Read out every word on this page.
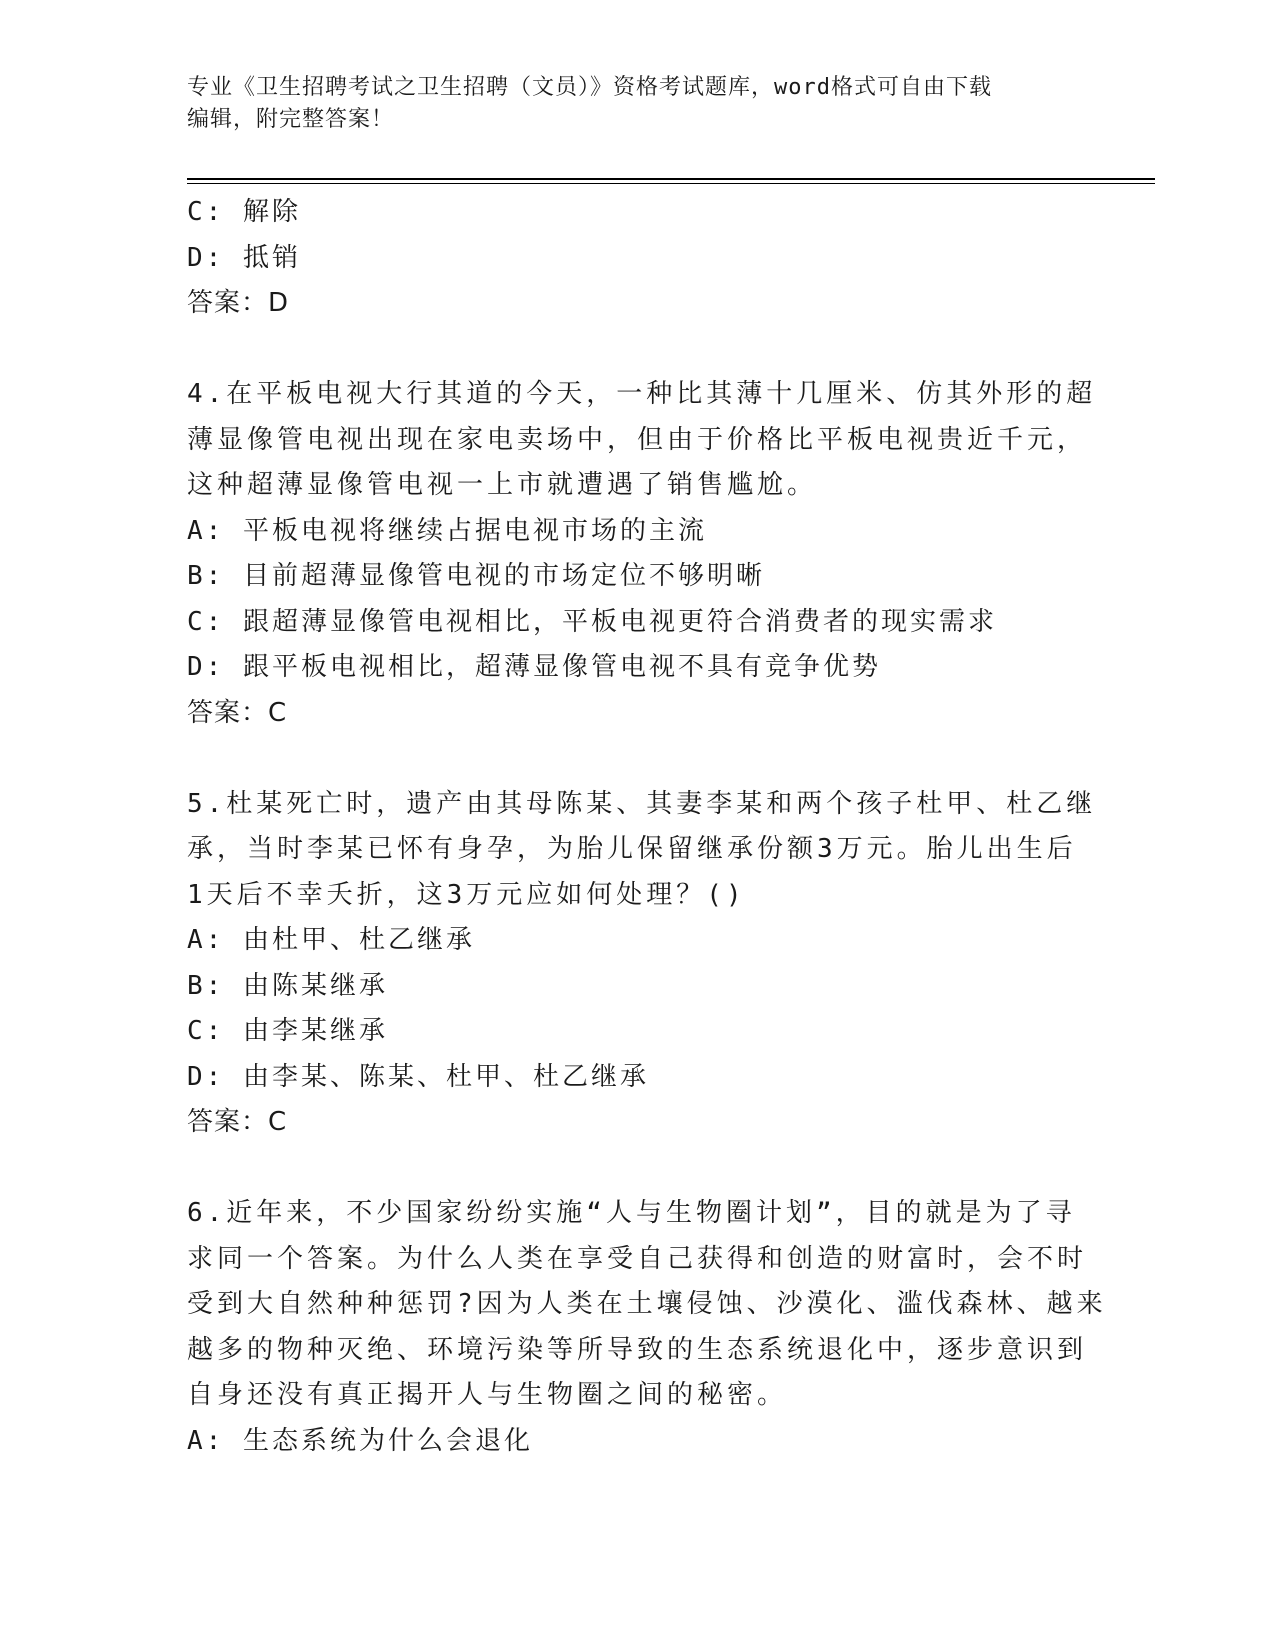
专业《卫生招聘考试之卫生招聘（文员）》资格考试题库，word格式可自由下载
编辑，附完整答案！
C: 解除
D: 抵销
答案：D
4.在平板电视大行其道的今天，一种比其薄十几厘米、仿其外形的超
薄显像管电视出现在家电卖场中，但由于价格比平板电视贵近千元，
这种超薄显像管电视一上市就遭遇了销售尴尬。
A: 平板电视将继续占据电视市场的主流
B: 目前超薄显像管电视的市场定位不够明晰
C: 跟超薄显像管电视相比，平板电视更符合消费者的现实需求
D: 跟平板电视相比，超薄显像管电视不具有竞争优势
答案：C
5.杜某死亡时，遗产由其母陈某、其妻李某和两个孩子杜甲、杜乙继
承，当时李某已怀有身孕，为胎儿保留继承份额3万元。胎儿出生后
1天后不幸夭折，这3万元应如何处理？()
A: 由杜甲、杜乙继承
B: 由陈某继承
C: 由李某继承
D: 由李某、陈某、杜甲、杜乙继承
答案：C
6.近年来，不少国家纷纷实施“人与生物圈计划”，目的就是为了寻
求同一个答案。为什么人类在享受自己获得和创造的财富时，会不时
受到大自然种种惩罚?因为人类在土壤侵蚀、沙漠化、滥伐森林、越来
越多的物种灭绝、环境污染等所导致的生态系统退化中，逐步意识到
自身还没有真正揭开人与生物圈之间的秘密。
A: 生态系统为什么会退化
